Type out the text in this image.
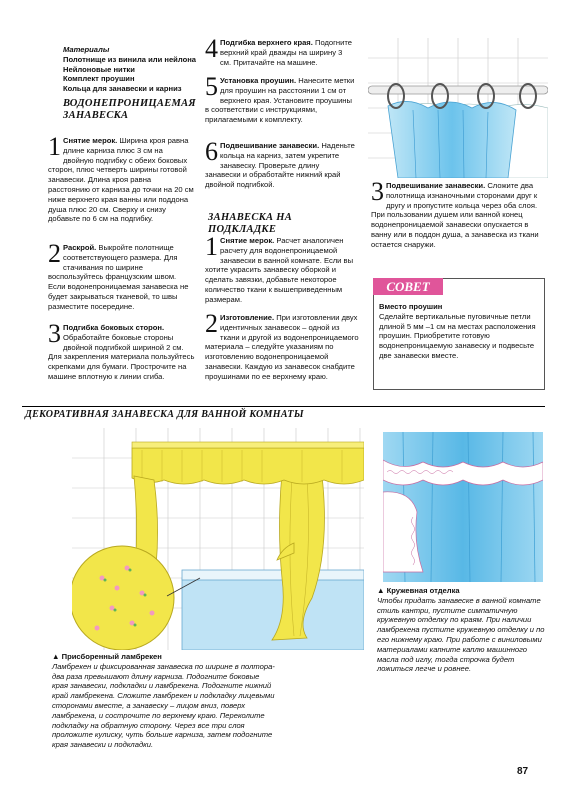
Материалы
Полотнище из винила или нейлона
Нейлоновые нитки
Комплект проушин
Кольца для занавески и карниз
ВОДОНЕПРОНИЦАЕМАЯ
ЗАНАВЕСКА
1 Снятие мерок. Ширина кроя равна длине карниза плюс 3 см на двойную подгибку с обеих боковых сторон, плюс четверть ширины готовой занавески. Длина кроя равна расстоянию от карниза до точки на 20 см ниже верхнего края ванны или поддона душа плюс 20 см. Сверху и снизу добавьте по 6 см на подгибку.
2 Раскрой. Выкройте полотнище соответствующего размера. Для стачивания по ширине воспользуйтесь французским швом. Если водонепроницаемая занавеска не будет закрываться тканевой, то швы разместите посередине.
3 Подгибка боковых сторон. Обработайте боковые стороны двойной подгибкой шириной 2 см. Для закрепления материала пользуйтесь скрепками для бумаги. Прострочите на машине вплотную к линии сгиба.
4 Подгибка верхнего края. Подогните верхний край дважды на ширину 3 см. Притачайте на машине.
5 Установка проушин. Нанесите метки для проушин на расстоянии 1 см от верхнего края. Установите проушины в соответствии с инструкциями, прилагаемыми к комплекту.
6 Подвешивание занавески. Наденьте кольца на карниз, затем укрепите занавеску. Проверьте длину занавески и обработайте нижний край двойной подгибкой.
ЗАНАВЕСКА НА ПОДКЛАДКЕ
1 Снятие мерок. Расчет аналогичен расчету для водонепроницаемой занавески в ванной комнате. Если вы хотите украсить занавеску оборкой и сделать завязки, добавьте некоторое количество ткани к вышеприведенным размерам.
2 Изготовление. При изготовлении двух идентичных занавесок – одной из ткани и другой из водонепроницаемого материала – следуйте указаниям по изготовлению водонепроницаемой занавески. Каждую из занавесок снабдите проушинами по ее верхнему краю.
3 Подвешивание занавески. Сложите два полотнища изнаночными сторонами друг к другу и пропустите кольца через оба слоя. При пользовании душем или ванной конец водонепроницаемой занавески опускается в ванну или в поддон душа, а занавеска из ткани остается снаружи.
СОВЕТ
Вместо проушин
Сделайте вертикальные пуговичные петли длиной 5 мм –1 см на местах расположения проушин. Приобретите готовую водонепроницаемую занавеску и подвесьте две занавески вместе.
ДЕКОРАТИВНАЯ ЗАНАВЕСКА ДЛЯ ВАННОЙ КОМНАТЫ
▲ Присборенный ламбрекен
Ламбрекен и фиксированная занавеска по ширине в полтора-два раза превышают длину карниза. Подогните боковые края занавески, подкладки и ламбрекена. Подогните нижний край ламбрекена. Сложите ламбрекен и подкладку лицевыми сторонами вместе, а занавеску – лицом вниз, поверх ламбрекена, и сострочите по верхнему краю. Переколите подкладку на обратную сторону. Через все три слоя проложите кулиску, чуть больше карниза, затем подогните края занавески и подкладки.
▲ Кружевная отделка
Чтобы придать занавеске в ванной комнате стиль кантри, пустите симпатичную кружевную отделку по краям. При наличии ламбрекена пустите кружевную отделку и по его нижнему краю. При работе с виниловыми материалами капните каплю машинного масла под иглу, тогда строчка будет ложиться легче и ровнее.
87
